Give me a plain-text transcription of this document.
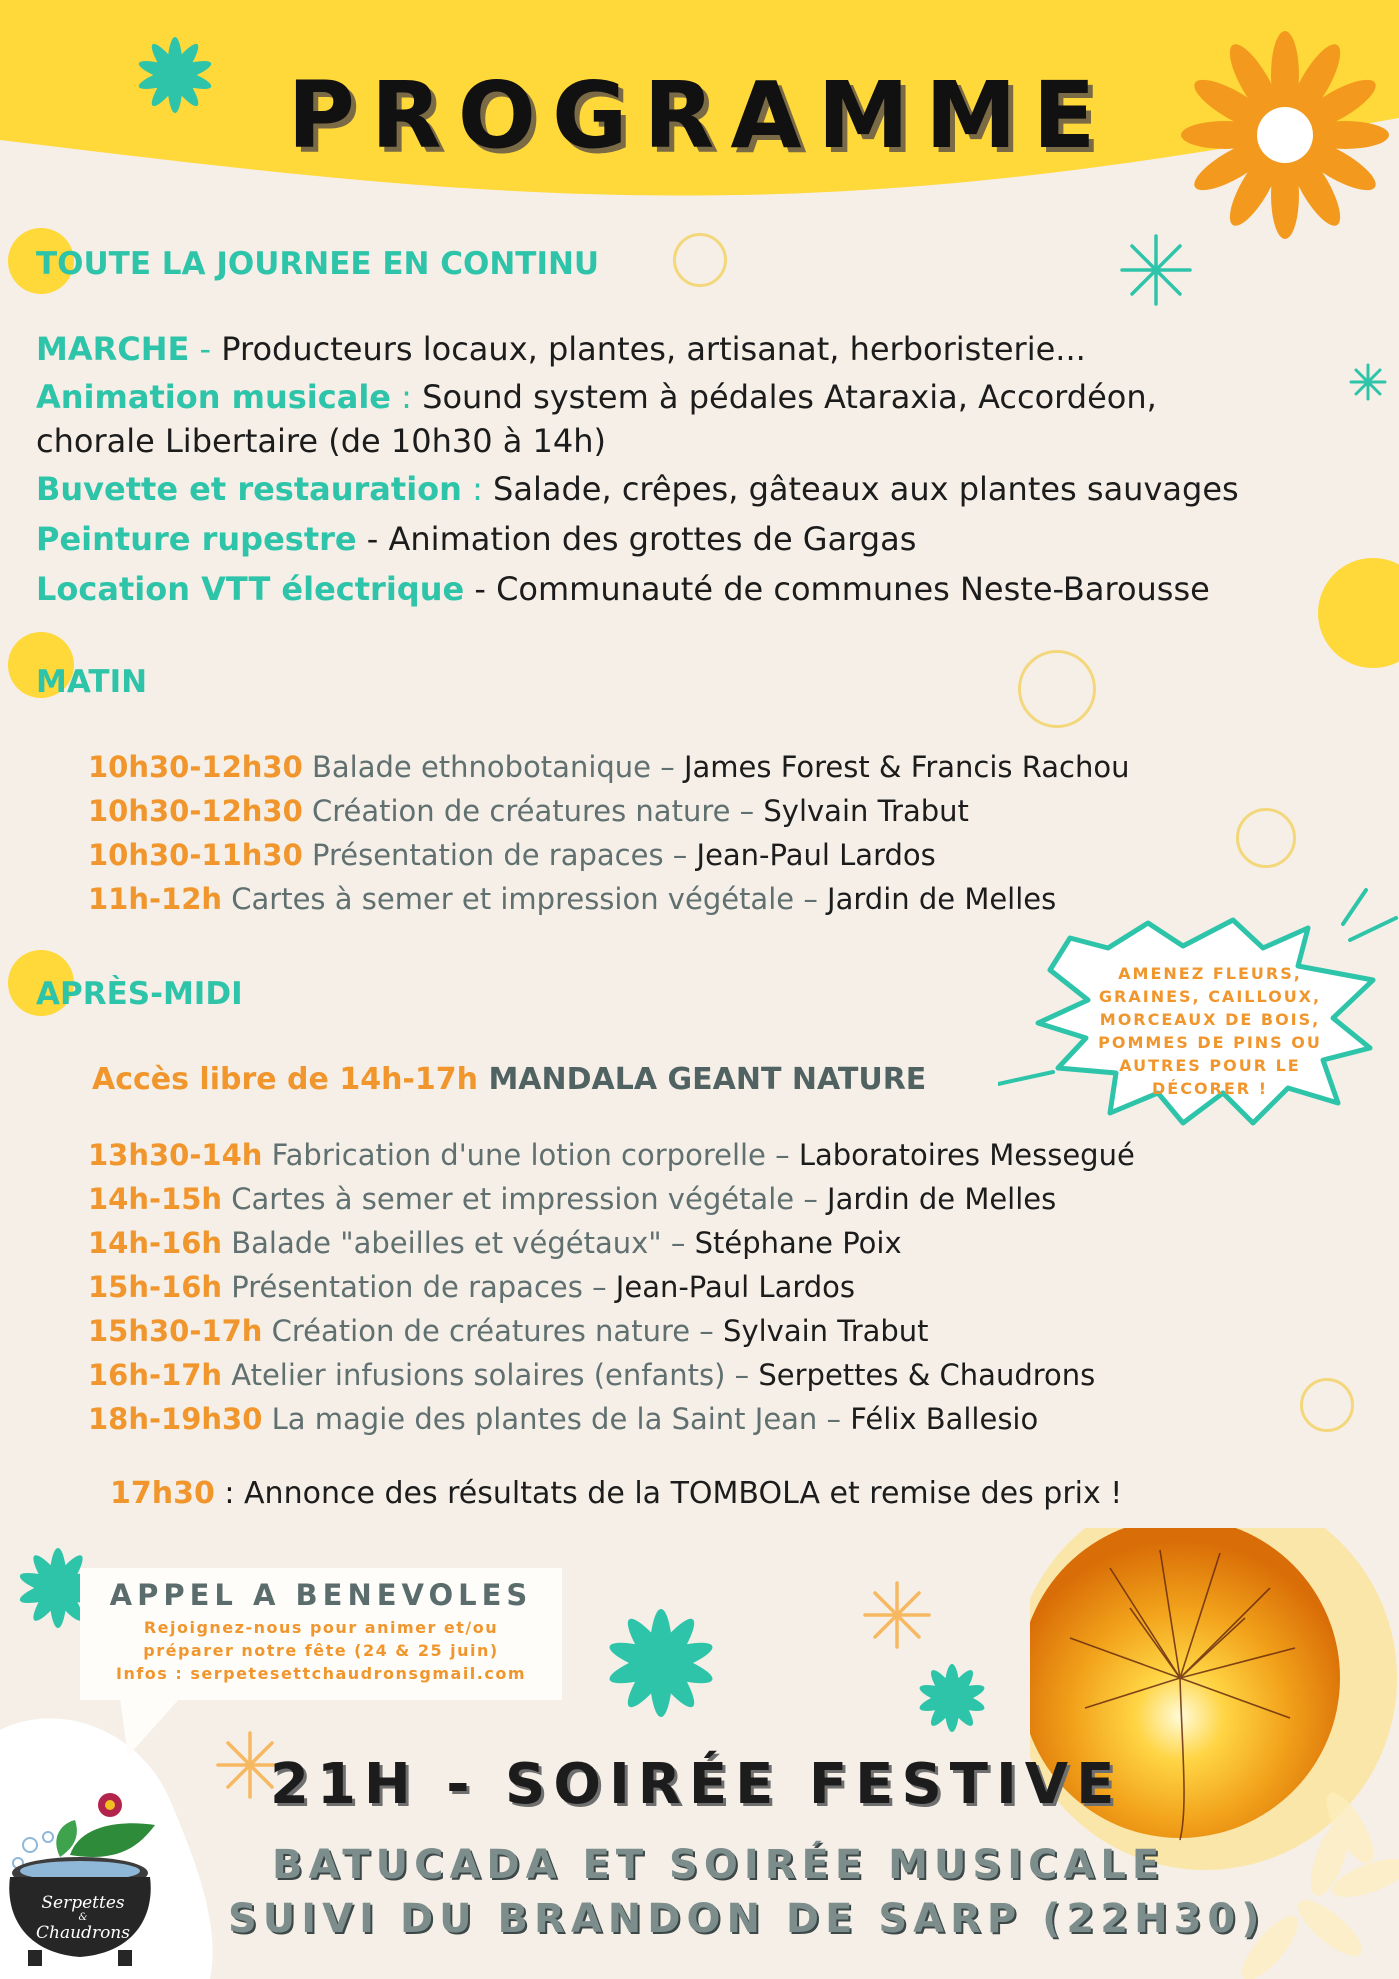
PROGRAMME
TOUTE LA JOURNEE EN CONTINU
MARCHE - Producteurs locaux, plantes, artisanat, herboristerie...
Animation musicale : Sound system à pédales Ataraxia, Accordéon,
chorale Libertaire (de 10h30 à 14h)
Buvette et restauration : Salade, crêpes, gâteaux aux plantes sauvages
Peinture rupestre - Animation des grottes de Gargas
Location VTT électrique - Communauté de communes Neste-Barousse
MATIN
10h30-12h30 Balade ethnobotanique – James Forest & Francis Rachou
10h30-12h30 Création de créatures nature – Sylvain Trabut
10h30-11h30 Présentation de rapaces – Jean-Paul Lardos
11h-12h Cartes à semer et impression végétale – Jardin de Melles
APRÈS-MIDI
Accès libre de 14h-17h MANDALA GEANT NATURE
13h30-14h Fabrication d'une lotion corporelle – Laboratoires Messegué
14h-15h Cartes à semer et impression végétale – Jardin de Melles
14h-16h Balade "abeilles et végétaux" – Stéphane Poix
15h-16h Présentation de rapaces – Jean-Paul Lardos
15h30-17h Création de créatures nature – Sylvain Trabut
16h-17h Atelier infusions solaires (enfants) – Serpettes & Chaudrons
18h-19h30 La magie des plantes de la Saint Jean – Félix Ballesio
17h30 : Annonce des résultats de la TOMBOLA et remise des prix !
AMENEZ FLEURS,
GRAINES, CAILLOUX,
MORCEAUX DE BOIS,
POMMES DE PINS OU
AUTRES POUR LE
DÉCORER !
APPEL A BENEVOLES
Rejoignez-nous pour animer et/ou
préparer notre fête (24 & 25 juin)
Infos : serpetesettchaudronsgmail.com
21H - SOIRÉE FESTIVE
BATUCADA ET SOIRÉE MUSICALE
SUIVI DU BRANDON DE SARP (22H30)
Serpettes
&
Chaudrons
